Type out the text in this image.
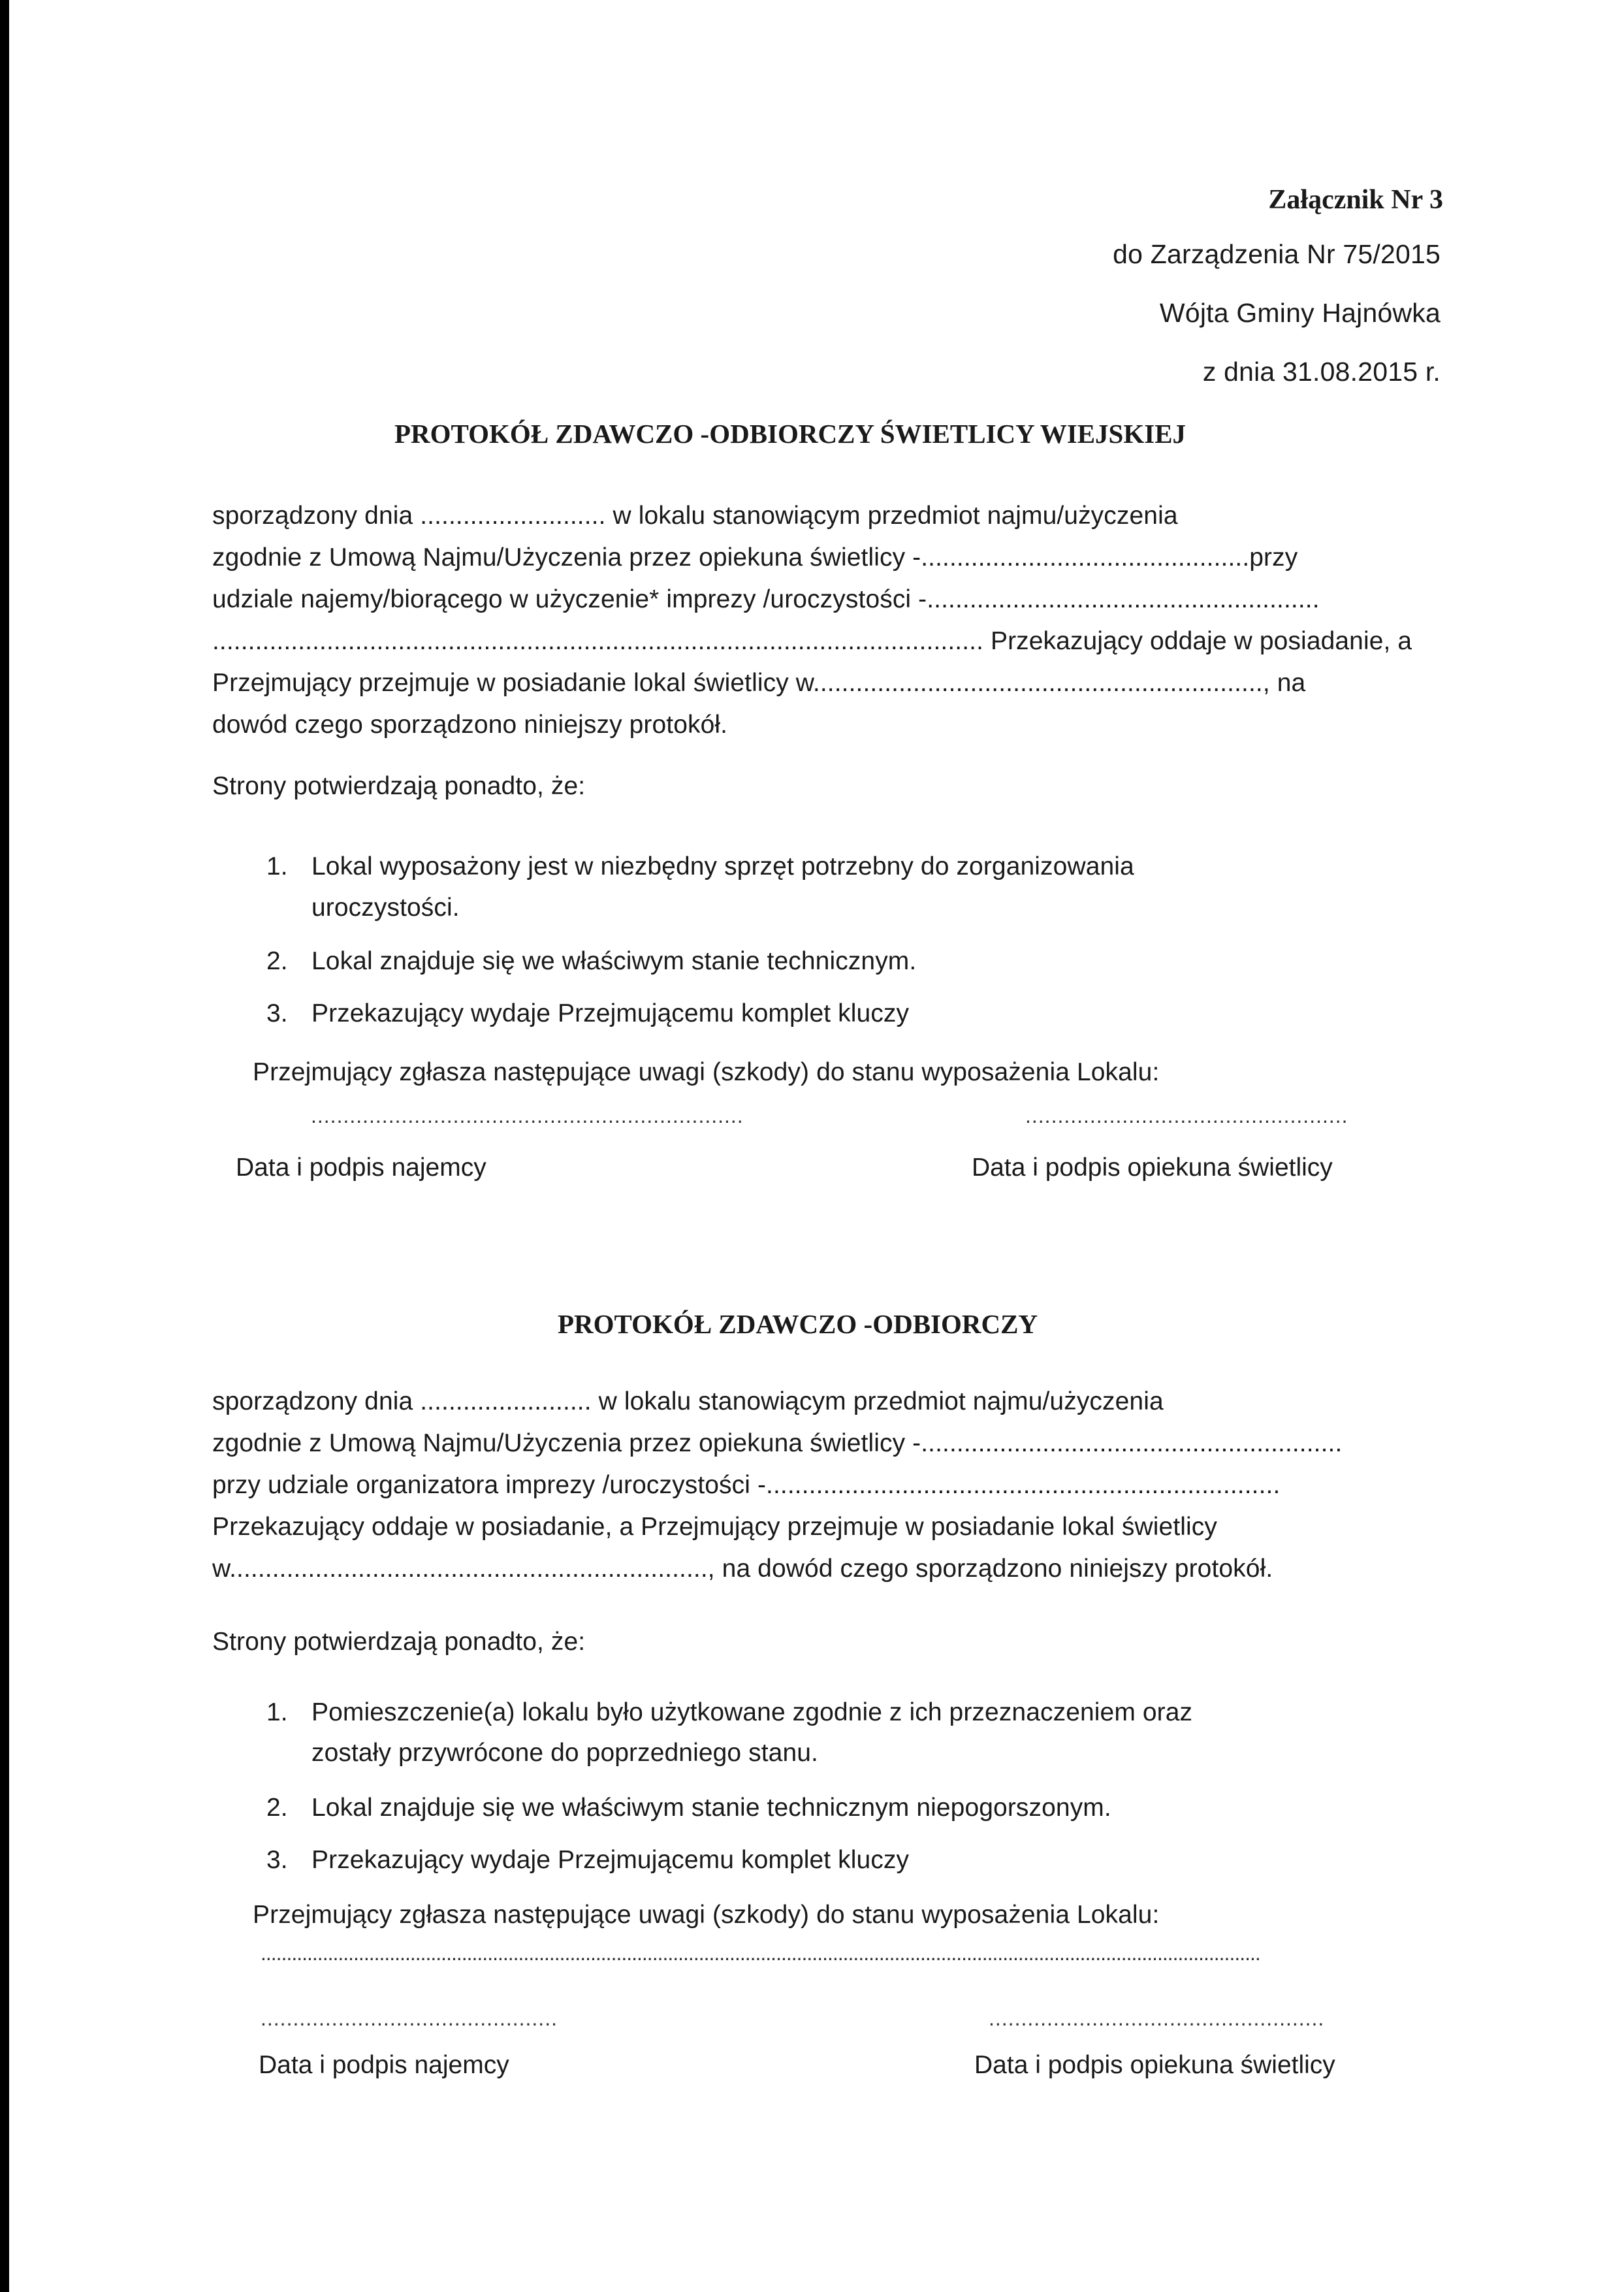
Załącznik Nr 3
do Zarządzenia Nr 75/2015
Wójta Gminy Hajnówka
z dnia 31.08.2015 r.
PROTOKÓŁ ZDAWCZO -ODBIORCZY ŚWIETLICY WIEJSKIEJ
sporządzony dnia .......................... w lokalu stanowiącym przedmiot najmu/użyczenia
zgodnie z Umową Najmu/Użyczenia przez opiekuna świetlicy -..............................................przy
udziale najemy/biorącego w użyczenie* imprezy /uroczystości -.......................................................
............................................................................................................ Przekazujący oddaje w posiadanie, a
Przejmujący przejmuje w posiadanie lokal świetlicy w..............................................................., na
dowód czego sporządzono niniejszy protokół.
Strony potwierdzają ponadto, że:
1. Lokal wyposażony jest w niezbędny sprzęt potrzebny do zorganizowania
uroczystości.
2. Lokal znajduje się we właściwym stanie technicznym.
3. Przekazujący wydaje Przejmującemu komplet kluczy
Przejmujący zgłasza następujące uwagi (szkody) do stanu wyposażenia Lokalu:
...................................................................	..................................................
Data i podpis najemcy	Data i podpis opiekuna świetlicy
PROTOKÓŁ ZDAWCZO -ODBIORCZY
sporządzony dnia ........................ w lokalu stanowiącym przedmiot najmu/użyczenia
zgodnie z Umową Najmu/Użyczenia przez opiekuna świetlicy -...........................................................
przy udziale organizatora imprezy /uroczystości -........................................................................
Przekazujący oddaje w posiadanie, a Przejmujący przejmuje w posiadanie lokal świetlicy
w..................................................................., na dowód czego sporządzono niniejszy protokół.
Strony potwierdzają ponadto, że:
1. Pomieszczenie(a) lokalu było użytkowane zgodnie z ich przeznaczeniem oraz
zostały przywrócone do poprzedniego stanu.
2. Lokal znajduje się we właściwym stanie technicznym niepogorszonym.
3. Przekazujący wydaje Przejmującemu komplet kluczy
Przejmujący zgłasza następujące uwagi (szkody) do stanu wyposażenia Lokalu:
..................................................................................................................................................................................................
..............................................	....................................................
Data i podpis najemcy	Data i podpis opiekuna świetlicy
